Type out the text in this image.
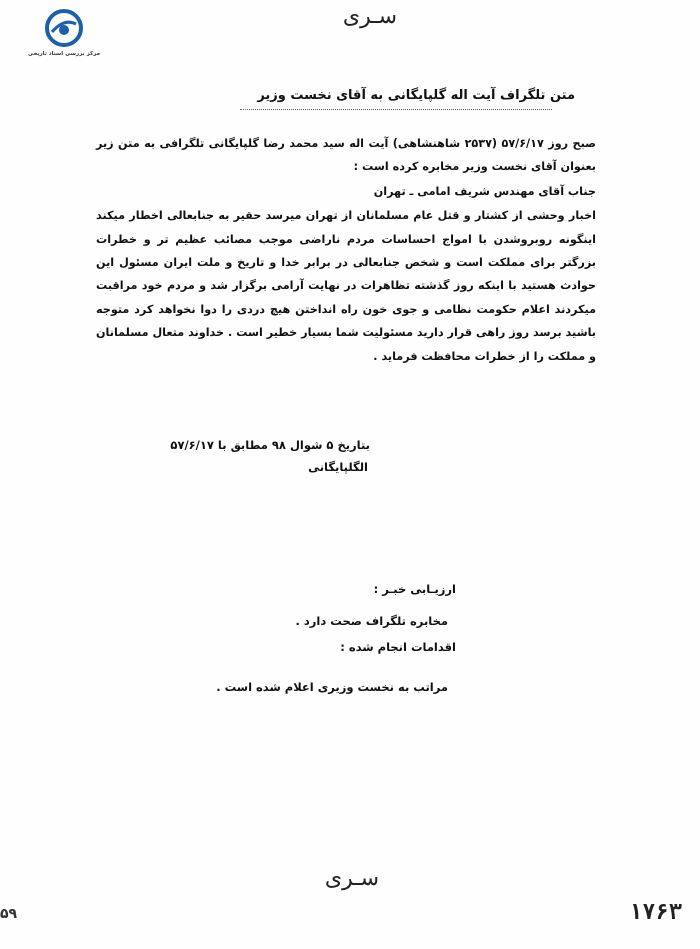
مرکز بررسی اسناد تاریخی
سـری
متن تلگراف آیت اله گلپایگانی به آقای نخست وزیر

صبح روز ۵۷/۶/۱۷ (۲۵۳۷ شاهنشاهی) آیت اله سید محمد رضا گلپایگانی تلگرافی به متن زیر بعنوان آقای نخست وزیر مخابره کرده است :

جناب آقای مهندس شریف امامی ـ تهران

اخبار وحشی از کشتار و قتل عام مسلمانان از تهران میرسد حقیر به جنابعالی اخطار میکند اینگونه روبروشدن با امواج احساسات مردم ناراضی موجب مصائب عظیم تر و خطرات بزرگتر برای مملکت است و شخص جنابعالی در برابر خدا و تاریخ و ملت ایران مسئول این حوادث هستید با اینکه روز گذشته تظاهرات در نهایت آرامی برگزار شد و مردم خود مراقبت میکردند اعلام حکومت نظامی و جوی خون راه انداختن هیچ دردی را دوا نخواهد کرد متوجه باشید برسد روز راهی قرار دارید مسئولیت شما بسیار خطیر است . خداوند متعال مسلمانان و مملکت را از خطرات محافظت فرماید .

بتاریخ ۵ شوال ۹۸ مطابق با ۵۷/۶/۱۷
الگلپایگانی
ارزیـابی خبـر :
مخابره تلگراف صحت دارد .
اقدامات انجام شده :
مراتب به نخست وزیری اعلام شده است .
سـری
۱۷۶۳
۵۹
